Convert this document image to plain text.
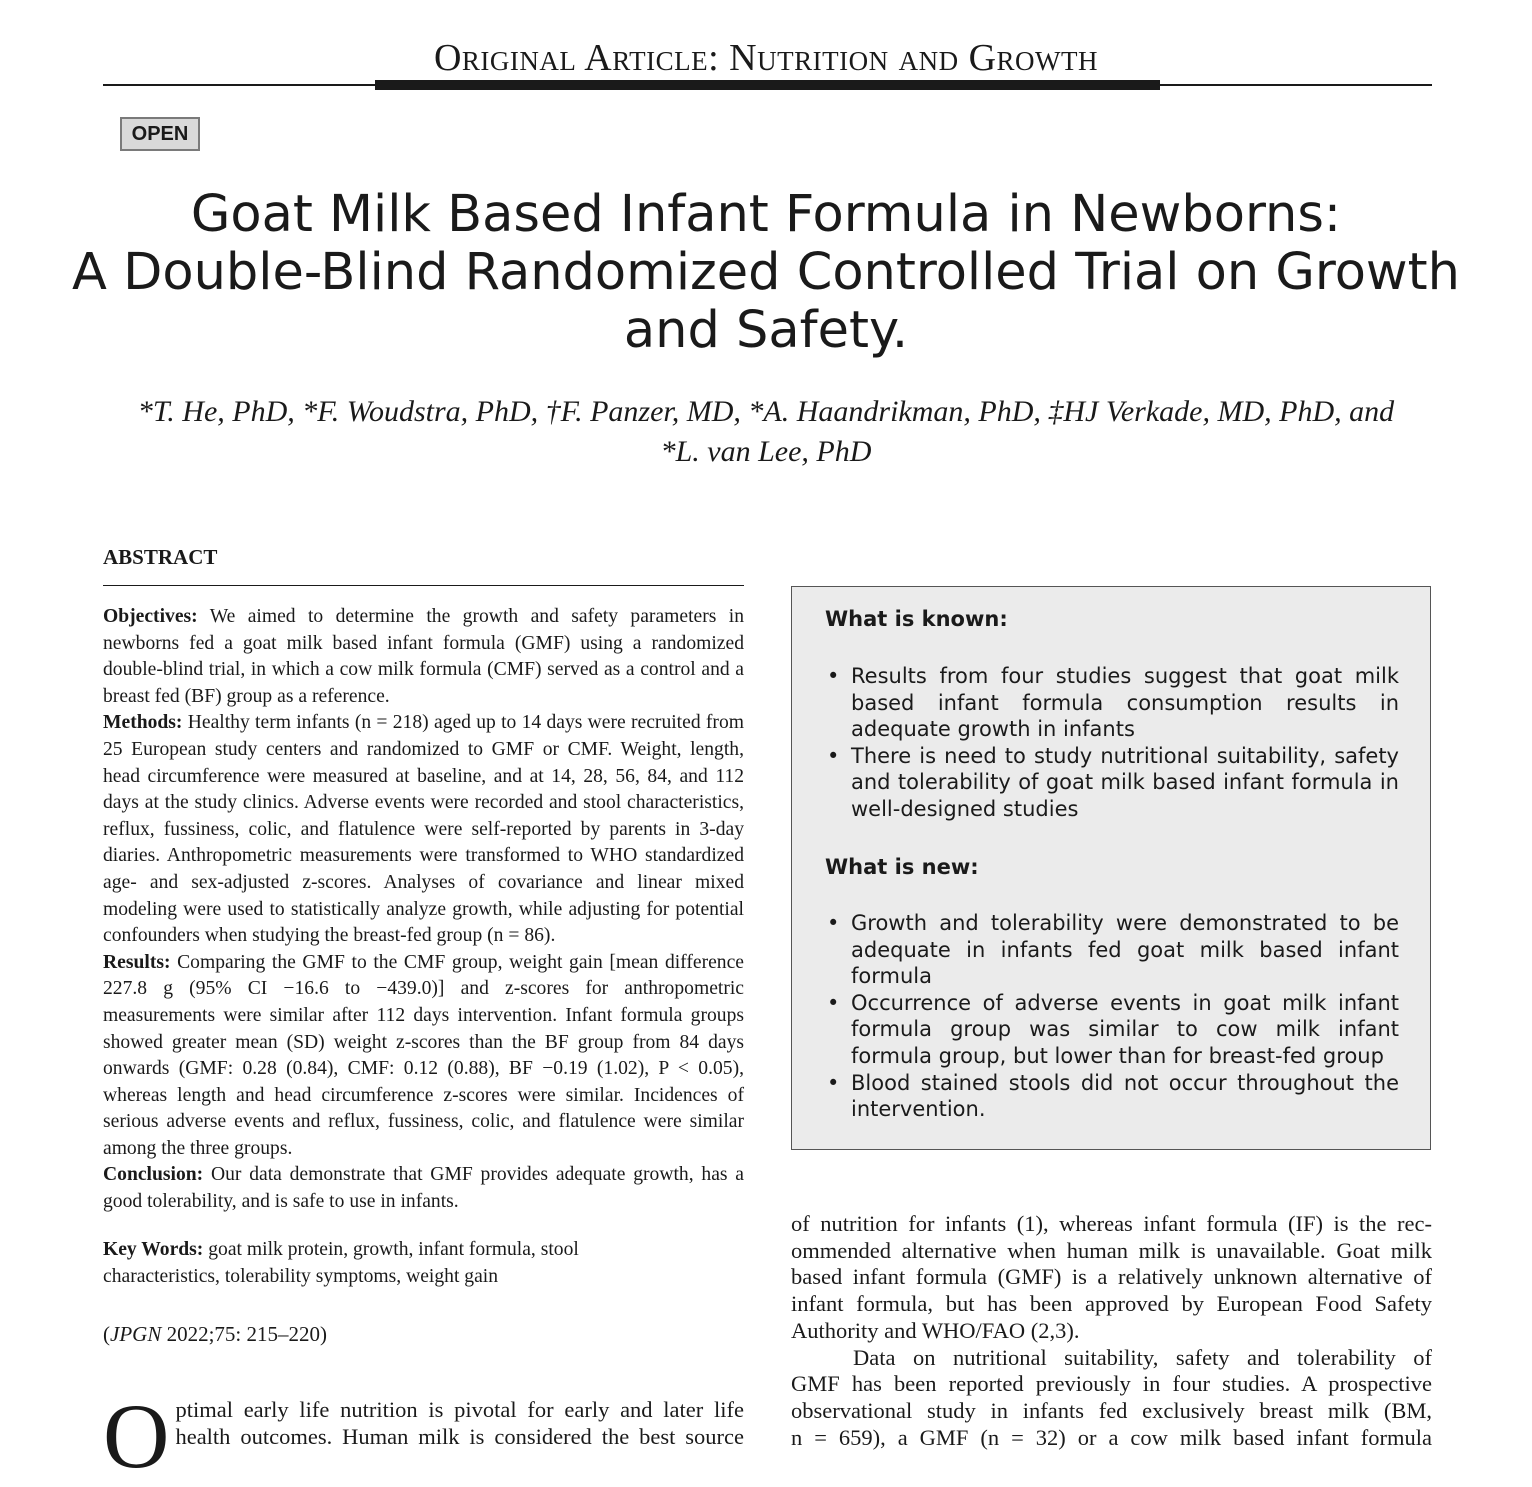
Original Article: Nutrition and Growth
OPEN
Goat Milk Based Infant Formula in Newborns:
A Double-Blind Randomized Controlled Trial on Growth
and Safety.
*T. He, PhD, *F. Woudstra, PhD, †F. Panzer, MD, *A. Haandrikman, PhD, ‡HJ Verkade, MD, PhD, and
*L. van Lee, PhD
ABSTRACT

Objectives: We aimed to determine the growth and safety parameters in newborns fed a goat milk based infant formula (GMF) using a randomized double-blind trial, in which a cow milk formula (CMF) served as a control and a breast fed (BF) group as a reference.

Methods: Healthy term infants (n = 218) aged up to 14 days were recruited from 25 European study centers and randomized to GMF or CMF. Weight, length, head circumference were measured at baseline, and at 14, 28, 56, 84, and 112 days at the study clinics. Adverse events were recorded and stool characteristics, reflux, fussiness, colic, and flatulence were self-reported by parents in 3-day diaries. Anthropometric measurements were transformed to WHO standardized age- and sex-adjusted z-scores. Analyses of covariance and linear mixed modeling were used to statistically analyze growth, while adjusting for potential confounders when studying the breast-fed group (n = 86).

Results: Comparing the GMF to the CMF group, weight gain [mean difference 227.8 g (95% CI −16.6 to −439.0)] and z-scores for anthropometric measurements were similar after 112 days intervention. Infant formula groups showed greater mean (SD) weight z-scores than the BF group from 84 days onwards (GMF: 0.28 (0.84), CMF: 0.12 (0.88), BF −0.19 (1.02), P < 0.05), whereas length and head circumference z-scores were similar. Incidences of serious adverse events and reflux, fussiness, colic, and flatulence were similar among the three groups.

Conclusion: Our data demonstrate that GMF provides adequate growth, has a good tolerability, and is safe to use in infants.

Key Words: goat milk protein, growth, infant formula, stool
characteristics, tolerability symptoms, weight gain
(JPGN 2022;75: 215–220)
O ptimal early life nutrition is pivotal for early and later life
health outcomes. Human milk is considered the best source
What is known:
• Results from four studies suggest that goat milk based infant formula consumption results in adequate growth in infants
• There is need to study nutritional suitability, safety and tolerability of goat milk based infant formula in well-designed studies
What is new:
• Growth and tolerability were demonstrated to be adequate in infants fed goat milk based infant formula
• Occurrence of adverse events in goat milk infant formula group was similar to cow milk infant formula group, but lower than for breast-fed group
• Blood stained stools did not occur throughout the intervention.
of nutrition for infants (1), whereas infant formula (IF) is the rec-
ommended alternative when human milk is unavailable. Goat milk
based infant formula (GMF) is a relatively unknown alternative of
infant formula, but has been approved by European Food Safety
Authority and WHO/FAO (2,3).
Data on nutritional suitability, safety and tolerability of
GMF has been reported previously in four studies. A prospective
observational study in infants fed exclusively breast milk (BM,
n = 659), a GMF (n = 32) or a cow milk based infant formula
